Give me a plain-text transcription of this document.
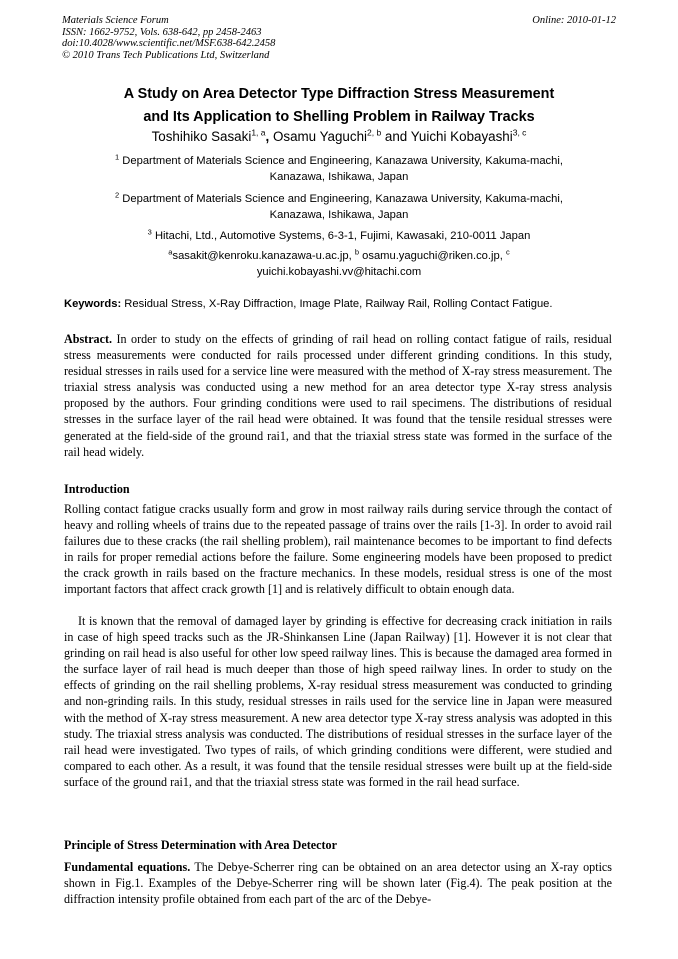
Materials Science Forum
ISSN: 1662-9752, Vols. 638-642, pp 2458-2463
doi:10.4028/www.scientific.net/MSF.638-642.2458
© 2010 Trans Tech Publications Ltd, Switzerland
Online: 2010-01-12
A Study on Area Detector Type Diffraction Stress Measurement
and Its Application to Shelling Problem in Railway Tracks
Toshihiko Sasaki$^{1, a}$, Osamu Yaguchi$^{2, b}$ and Yuichi Kobayashi$^{3, c}$
$^1$ Department of Materials Science and Engineering, Kanazawa University, Kakuma-machi,
Kanazawa, Ishikawa, Japan
$^2$ Department of Materials Science and Engineering, Kanazawa University, Kakuma-machi,
Kanazawa, Ishikawa, Japan
$^3$ Hitachi, Ltd., Automotive Systems, 6-3-1, Fujimi, Kawasaki, 210-0011 Japan
$^a$sasakit@kenroku.kanazawa-u.ac.jp, $^b$ osamu.yaguchi@riken.co.jp, $^c$
yuichi.kobayashi.vv@hitachi.com
Keywords: Residual Stress, X-Ray Diffraction, Image Plate, Railway Rail, Rolling Contact Fatigue.
Abstract. In order to study on the effects of grinding of rail head on rolling contact fatigue of rails, residual stress measurements were conducted for rails processed under different grinding conditions. In this study, residual stresses in rails used for a service line were measured with the method of X-ray stress measurement. The triaxial stress analysis was conducted using a new method for an area detector type X-ray stress analysis proposed by the authors. Four grinding conditions were used to rail specimens. The distributions of residual stresses in the surface layer of the rail head were obtained. It was found that the tensile residual stresses were generated at the field-side of the ground rai1, and that the triaxial stress state was formed in the surface of the rail head widely.
Introduction
Rolling contact fatigue cracks usually form and grow in most railway rails during service through the contact of heavy and rolling wheels of trains due to the repeated passage of trains over the rails [1-3]. In order to avoid rail failures due to these cracks (the rail shelling problem), rail maintenance becomes to be important to find defects in rails for proper remedial actions before the failure. Some engineering models have been proposed to predict the crack growth in rails based on the fracture mechanics. In these models, residual stress is one of the most important factors that affect crack growth [1] and is relatively difficult to obtain enough data.
It is known that the removal of damaged layer by grinding is effective for decreasing crack initiation in rails in case of high speed tracks such as the JR-Shinkansen Line (Japan Railway) [1]. However it is not clear that grinding on rail head is also useful for other low speed railway lines. This is because the damaged area formed in the surface layer of rail head is much deeper than those of high speed railway lines. In order to study on the effects of grinding on the rail shelling problems, X-ray residual stress measurement was conducted to grinding and non-grinding rails. In this study, residual stresses in rails used for the service line in Japan were measured with the method of X-ray stress measurement. A new area detector type X-ray stress analysis was adopted in this study. The triaxial stress analysis was conducted. The distributions of residual stresses in the surface layer of the rail head were investigated. Two types of rails, of which grinding conditions were different, were studied and compared to each other. As a result, it was found that the tensile residual stresses were built up at the field-side surface of the ground rai1, and that the triaxial stress state was formed in the rail head surface.
Principle of Stress Determination with Area Detector
Fundamental equations. The Debye-Scherrer ring can be obtained on an area detector using an X-ray optics shown in Fig.1. Examples of the Debye-Scherrer ring will be shown later (Fig.4). The peak position at the diffraction intensity profile obtained from each part of the arc of the Debye-
